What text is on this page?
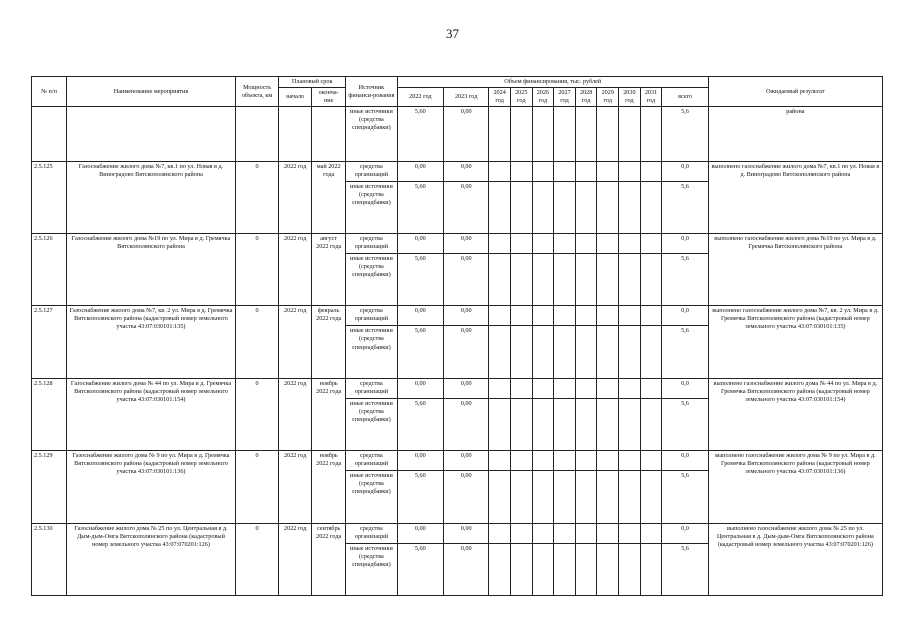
37
№ п/п	Наименование мероприятия	Мощность объекта, км	Плановый срок		Источник финанси-рования	Объем финансирования, тыс. рублей											Ожидаемый результат
			начало	оконча-ние		2022 год	2023 год	2024 год	2025 год	2026 год	2027 год	2028 год	2029 год	2030 год	2031 год	всего	
					иные источники (средства спецнадбавки)	5,60	0,00									5,6	района
2.5.125	Газоснабжение жилого дома №7, кв.1 по ул. Новая в д. Виноградово Вятскополянского района	0	2022 год	май 2022 года	средства организаций	0,00	0,00									0,0	выполнено газоснабжение жилого дома №7, кв.1 по ул. Новая в д. Виноградово Вятскополянского района
					иные источники (средства спецнадбавки)	5,60	0,00									5,6	
2.5.126	Газоснабжение жилого дома №19 по ул. Мира в д. Гремячка Вятскополянского района	0	2022 год	август 2022 года	средства организаций	0,00	0,00									0,0	выполнено газоснабжение жилого дома №19 по ул. Мира в д. Гремячка Вятскополянского района
					иные источники (средства спецнадбавки)	5,60	0,00									5,6	
2.5.127	Газоснабжение жилого дома №7, кв. 2 ул. Мира в д. Гремячка Вятскополянского района (кадастровый номер земельного участка 43:07:030101:135)	0	2022 год	февраль 2022 года	средства организаций	0,00	0,00									0,0	выполнено газоснабжение жилого дома №7, кв. 2 ул. Мира в д. Гремячка Вятскополянского района (кадастровый номер земельного участка 43:07:030101:135)
					иные источники (средства спецнадбавки)	5,60	0,00									5,6	
2.5.128	Газоснабжение жилого дома № 44 по ул. Мира в д. Гремячка Вятскополянского района (кадастровый номер земельного участка 43:07:030101:154)	0	2022 год	ноябрь 2022 года	средства организаций	0,00	0,00									0,0	выполнено газоснабжение жилого дома № 44 по ул. Мира в д. Гремячка Вятскополянского района (кадастровый номер земельного участка 43:07:030101:154)
					иные источники (средства спецнадбавки)	5,60	0,00									5,6	
2.5.129	Газоснабжение жилого дома № 9 по ул. Мира в д. Гремячка Вятскополянского района (кадастровый номер земельного участка 43:07:030101:136)	0	2022 год	ноябрь 2022 года	средства организаций	0,00	0,00									0,0	выполнено газоснабжение жилого дома № 9 по ул. Мира в д. Гремячка Вятскополянского района (кадастровый номер земельного участка 43:07:030101:136)
					иные источники (средства спецнадбавки)	5,60	0,00									5,6	
2.5.130	Газоснабжение жилого дома № 25 по ул. Центральная в д. Дым-дым-Омга Вятскополянского района (кадастровый номер земельного участка 43:07:070201:126)	0	2022 год	сентябрь 2022 года	средства организаций	0,00	0,00									0,0	выполнено газоснабжение жилого дома № 25 по ул. Центральная в д. Дым-дым-Омга Вятскополянского района (кадастровый номер земельного участка 43:07:070201:126)
					иные источники (средства спецнадбавки)	5,60	0,00									5,6	
